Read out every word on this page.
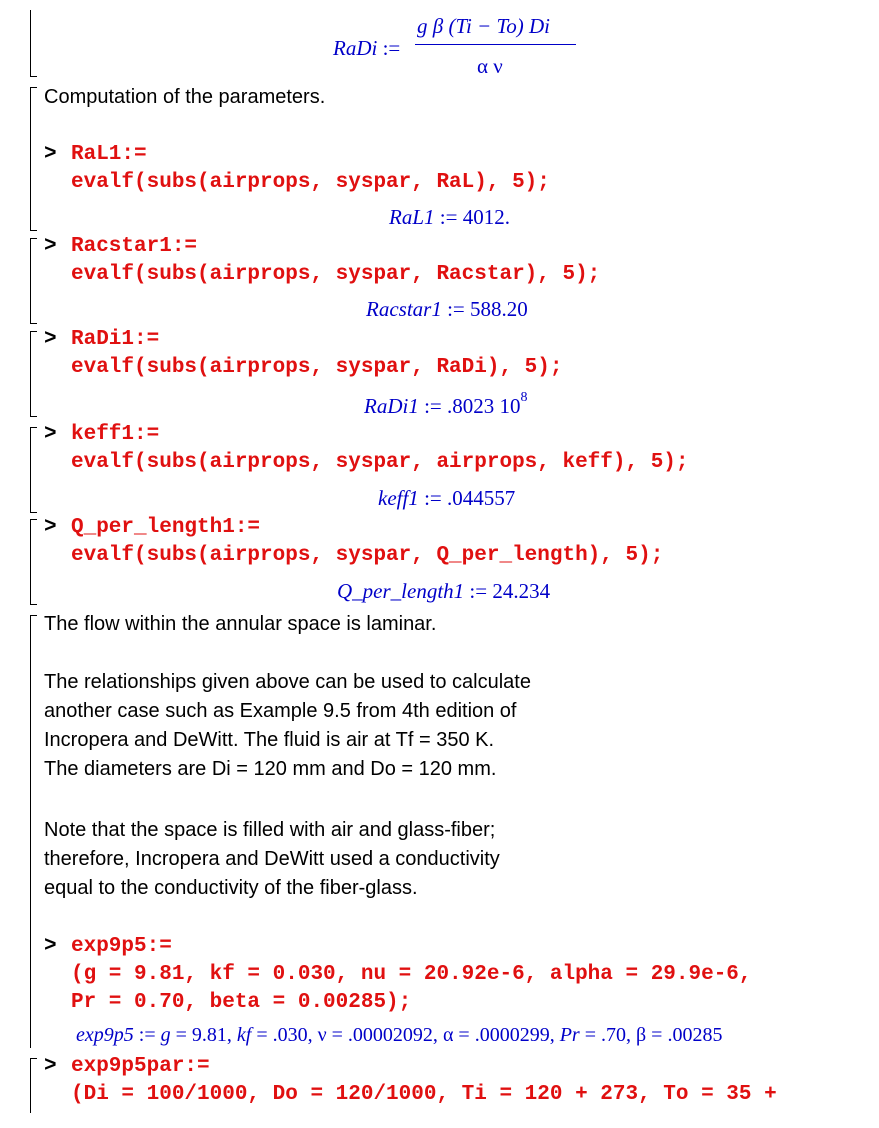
RaDi :=
g β (Ti − To) Di
α ν
Computation of the parameters.
> RaL1:=
evalf(subs(airprops, syspar, RaL), 5);
RaL1 := 4012.
> Racstar1:=
evalf(subs(airprops, syspar, Racstar), 5);
Racstar1 := 588.20
> RaDi1:=
evalf(subs(airprops, syspar, RaDi), 5);
RaDi1 := .8023 $10^8$
> keff1:=
evalf(subs(airprops, syspar, airprops, keff), 5);
keff1 := .044557
> Q_per_length1:=
evalf(subs(airprops, syspar, Q_per_length), 5);
Q_per_length1 := 24.234
The flow within the annular space is laminar.
The relationships given above can be used to calculate
another case such as Example 9.5 from 4th edition of
Incropera and DeWitt. The fluid is air at Tf = 350 K.
The diameters are Di = 120 mm and Do = 120 mm.
Note that the space is filled with air and glass-fiber;
therefore, Incropera and DeWitt used a conductivity
equal to the conductivity of the fiber-glass.
> exp9p5:=
(g = 9.81, kf = 0.030, nu = 20.92e-6, alpha = 29.9e-6,
Pr = 0.70, beta = 0.00285);
exp9p5 := g = 9.81, kf = .030, ν = .00002092, α = .0000299, Pr = .70, β = .00285
> exp9p5par:=
(Di = 100/1000, Do = 120/1000, Ti = 120 + 273, To = 35 +
